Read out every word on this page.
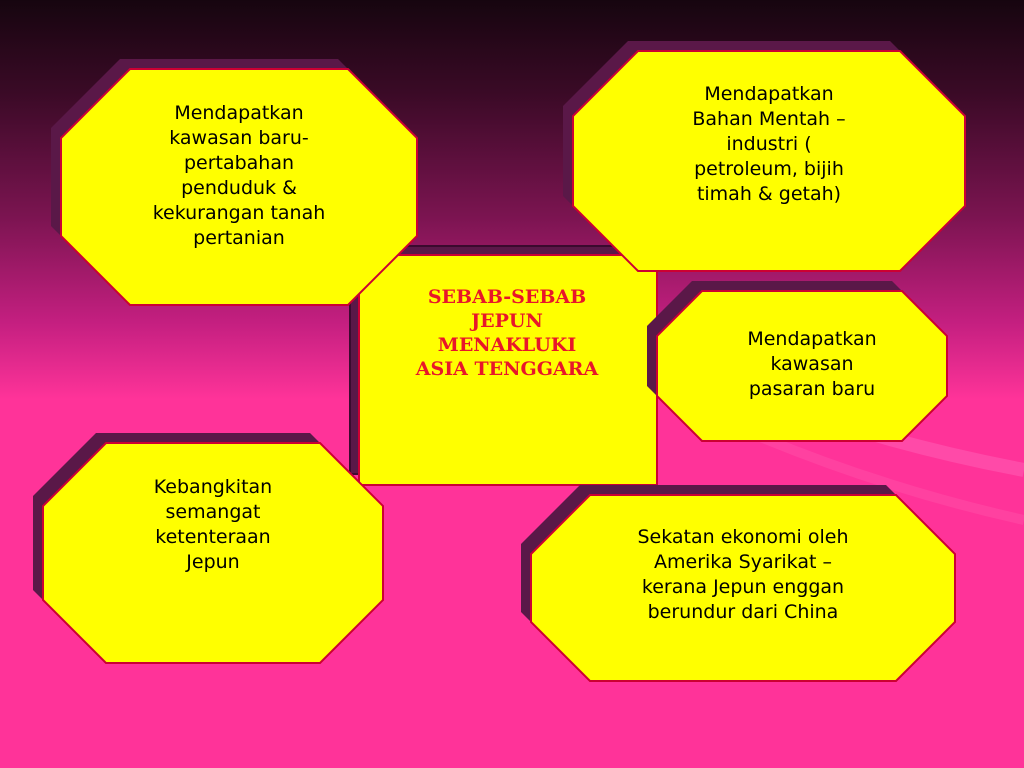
SEBAB-SEBAB
JEPUN
MENAKLUKI
ASIA TENGGARA
Mendapatkan
kawasan baru-
pertabahan
penduduk &
kekurangan tanah
pertanian
Mendapatkan
Bahan Mentah –
industri (
petroleum, bijih
timah & getah)
Mendapatkan
kawasan
pasaran baru
Kebangkitan
semangat
ketenteraan
Jepun
Sekatan ekonomi oleh
Amerika Syarikat –
kerana Jepun enggan
berundur dari China
